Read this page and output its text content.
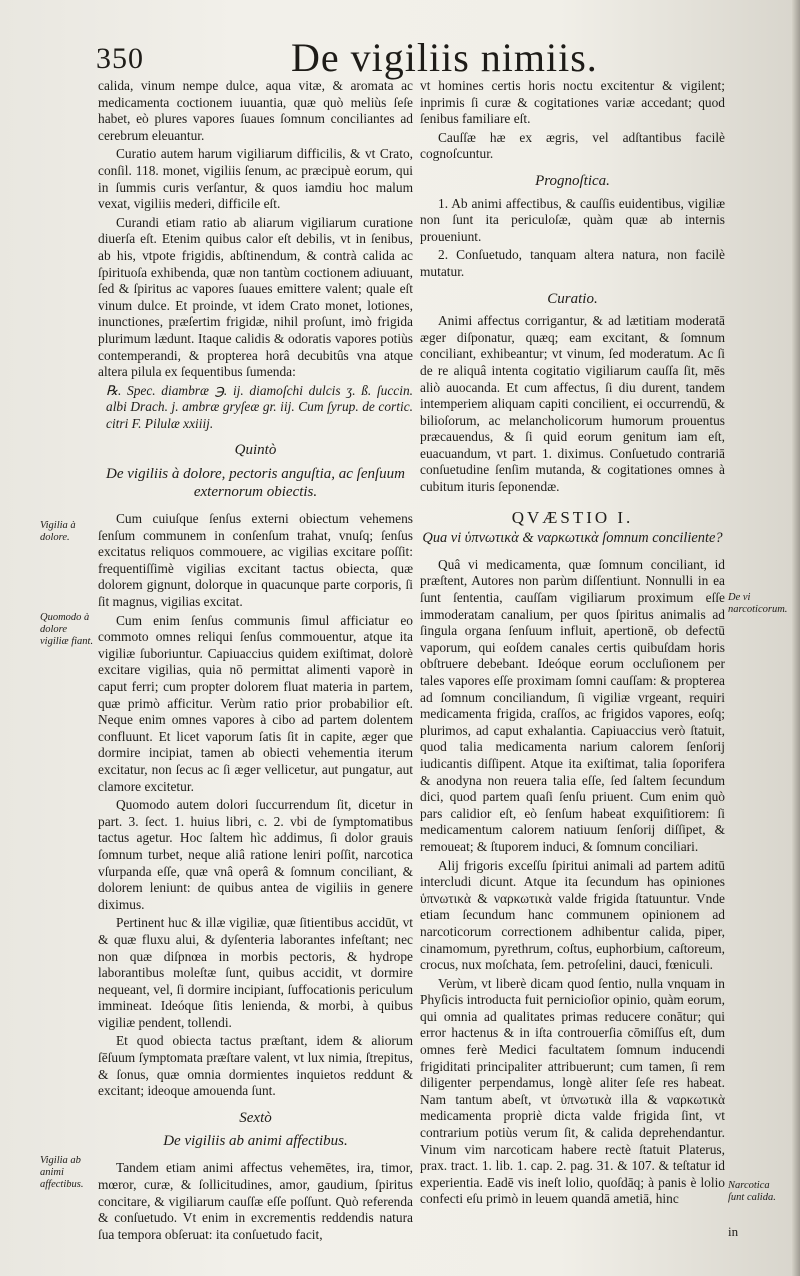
350	De vigiliis nimiis.

calida, vinum nempe dulce, aqua vitæ, & aromata ac medicamenta coctionem iuuantia, quæ quò meliùs ſeſe habet, eò plures vapores ſuaues ſomnum conciliantes ad cerebrum eleuantur.

Curatio autem harum vigiliarum difficilis, & vt Crato, conſil. 118. monet, vigiliis ſenum, ac præcipuè eorum, qui in ſummis curis verſantur, & quos iamdiu hoc malum vexat, vigiliis mederi, difficile eſt.

Curandi etiam ratio ab aliarum vigiliarum curatione diuerſa eſt. Etenim quibus calor eſt debilis, vt in ſenibus, ab his, vtpote frigidis, abſtinendum, & contrà calida ac ſpirituoſa exhibenda, quæ non tantùm coctionem adiuuant, ſed & ſpiritus ac vapores ſuaues emittere valent; quale eſt vinum dulce. Et proinde, vt idem Crato monet, lotiones, inunctiones, præſertim frigidæ, nihil proſunt, imò frigida plurimum lædunt. Itaque calidis & odoratis vapores potiùs contemperandi, & propterea horâ decubitûs vna atque altera pilula ex ſequentibus ſumenda:

℞. Spec. diambræ ℈. ij. diamoſchi dulcis ʒ. ß. ſuccin. albi Drach. j. ambræ gryſeæ gr. iij. Cum ſyrup. de cortic. citri F. Pilulæ xxiiij.

Quintò
De vigiliis à dolore, pectoris anguſtia, ac ſenſuum externorum obiectis.

Cum cuiuſque ſenſus externi obiectum vehemens ſenſum communem in conſenſum trahat, vnuſq; ſenſus excitatus reliquos commouere, ac vigilias excitare poſſit: frequentiſſimè vigilias excitant tactus obiecta, quæ dolorem gignunt, dolorque in quacunque parte corporis, ſi ſit magnus, vigilias excitat.

Cum enim ſenſus communis ſimul afficiatur eo commoto omnes reliqui ſenſus commouentur, atque ita vigiliæ ſuboriuntur. Capiuaccius quidem exiſtimat, dolorè excitare vigilias, quia nō permittat alimenti vaporè in caput ferri; cum propter dolorem fluat materia in partem, quæ primò afficitur. Verùm ratio prior probabilior eſt. Neque enim omnes vapores à cibo ad partem dolentem confluunt. Et licet vaporum ſatis ſit in capite, æger que dormire incipiat, tamen ab obiecti vehementia iterum excitatur, non ſecus ac ſi æger vellicetur, aut pungatur, aut clamore excitetur.

Quomodo autem dolori ſuccurrendum ſit, dicetur in part. 3. ſect. 1. huius libri, c. 2. vbi de ſymptomatibus tactus agetur. Hoc ſaltem hìc addimus, ſi dolor grauis ſomnum turbet, neque aliâ ratione leniri poſſit, narcotica vſurpanda eſſe, quæ vnâ operâ & ſomnum conciliant, & dolorem leniunt: de quibus antea de vigiliis in genere diximus.

Pertinent huc & illæ vigiliæ, quæ ſitientibus accidūt, vt & quæ fluxu alui, & dyſenteria laborantes infeſtant; nec non quæ diſpnœa in morbis pectoris, & hydrope laborantibus moleſtæ ſunt, quibus accidit, vt dormire nequeant, vel, ſi dormire incipiant, ſuffocationis periculum immineat. Ideóque ſitis lenienda, & morbi, à quibus vigiliæ pendent, tollendi.

Et quod obiecta tactus præſtant, idem & aliorum ſēſuum ſymptomata præſtare valent, vt lux nimia, ſtrepitus, & ſonus, quæ omnia dormientes inquietos reddunt & excitant; ideoque amouenda ſunt.

Sextò
De vigiliis ab animi affectibus.

Tandem etiam animi affectus vehemētes, ira, timor, mœror, curæ, & ſollicitudines, amor, gaudium, ſpiritus concitare, & vigiliarum cauſſæ eſſe poſſunt. Quò referenda & conſuetudo. Vt enim in excrementis reddendis natura ſua tempora obſeruat: ita conſuetudo facit,

vt homines certis horis noctu excitentur & vigilent; inprimis ſi curæ & cogitationes variæ accedant; quod ſenibus familiare eſt.

Cauſſæ hæ ex ægris, vel adſtantibus facilè cognoſcuntur.

Prognoſtica.

1. Ab animi affectibus, & cauſſis euidentibus, vigiliæ non ſunt ita periculoſæ, quàm quæ ab internis proueniunt.

2. Conſuetudo, tanquam altera natura, non facilè mutatur.

Curatio.

Animi affectus corrigantur, & ad lætitiam moderatā æger diſponatur, quæq; eam excitant, & ſomnum conciliant, exhibeantur; vt vinum, ſed moderatum. Ac ſi de re aliquâ intenta cogitatio vigiliarum cauſſa ſit, mēs aliò auocanda. Et cum affectus, ſi diu durent, tandem intemperiem aliquam capiti concilient, ei occurrendū, & bilioſorum, ac melancholicorum humorum prouentus præcauendus, & ſi quid eorum genitum iam eſt, euacuandum, vt part. 1. diximus. Conſuetudo contrariā conſuetudine ſenſim mutanda, & cogitationes omnes à cubitum ituris ſeponendæ.

QVÆSTIO I.
Qua vi ὑπνωτικὰ & ναρκωτικὰ ſomnum conciliente?

Quâ vi medicamenta, quæ ſomnum conciliant, id præſtent, Autores non parùm diſſentiunt. Nonnulli in ea ſunt ſententia, cauſſam vigiliarum proximum eſſe immoderatam canalium, per quos ſpiritus animalis ad ſingula organa ſenſuum influit, apertionē, ob defectū vaporum, qui eoſdem canales certis quibuſdam horis obſtruere debebant. Ideóque eorum occluſionem per tales vapores eſſe proximam ſomni cauſſam: & propterea ad ſomnum conciliandum, ſi vigiliæ vrgeant, requiri medicamenta frigida, craſſos, ac frigidos vapores, eoſq; plurimos, ad caput exhalantia. Capiuaccius verò ſtatuit, quod talia medicamenta narium calorem ſenſorij iudicantis diſſipent. Atque ita exiſtimat, talia ſoporifera & anodyna non reuera talia eſſe, ſed ſaltem ſecundum dici, quod partem quaſi ſenſu priuent. Cum enim quò pars calidior eſt, eò ſenſum habeat exquiſitiorem: ſi medicamentum calorem natiuum ſenſorij diſſipet, & remoueat; & ſtuporem induci, & ſomnum conciliari.

Alij frigoris exceſſu ſpiritui animali ad partem aditū intercludi dicunt. Atque ita ſecundum has opiniones ὑπνωτικὰ & ναρκωτικὰ valde frigida ſtatuuntur. Vnde etiam ſecundum hanc communem opinionem ad narcoticorum correctionem adhibentur calida, piper, cinamomum, pyrethrum, coſtus, euphorbium, caſtoreum, crocus, nux moſchata, ſem. petroſelini, dauci, fœniculi.

Verùm, vt liberè dicam quod ſentio, nulla vnquam in Phyſicis introducta fuit pernicioſior opinio, quàm eorum, qui omnia ad qualitates primas reducere conātur; qui error hactenus & in iſta controuerſia cōmiſſus eſt, dum omnes ferè Medici facultatem ſomnum inducendi frigiditati principaliter attribuerunt; cum tamen, ſi rem diligenter perpendamus, longè aliter ſeſe res habeat. Nam tantum abeſt, vt ὑπνωτικὰ illa & ναρκωτικὰ medicamenta propriè dicta valde frigida ſint, vt contrarium potiùs verum ſit, & calida deprehendantur. Vinum vim narcoticam habere rectè ſtatuit Platerus, prax. tract. 1. lib. 1. cap. 2. pag. 31. & 107. & teſtatur id experientia. Eadē vis ineſt lolio, quoſdāq; à panis è lolio confecti eſu primò in leuem quandā ametiā, hinc

Vigilia à dolore.
Quomodo à dolore vigiliæ fiant.
Vigilia ab animi affectibus.
De vi narcoticorum.
Narcotica ſunt calida.
in
